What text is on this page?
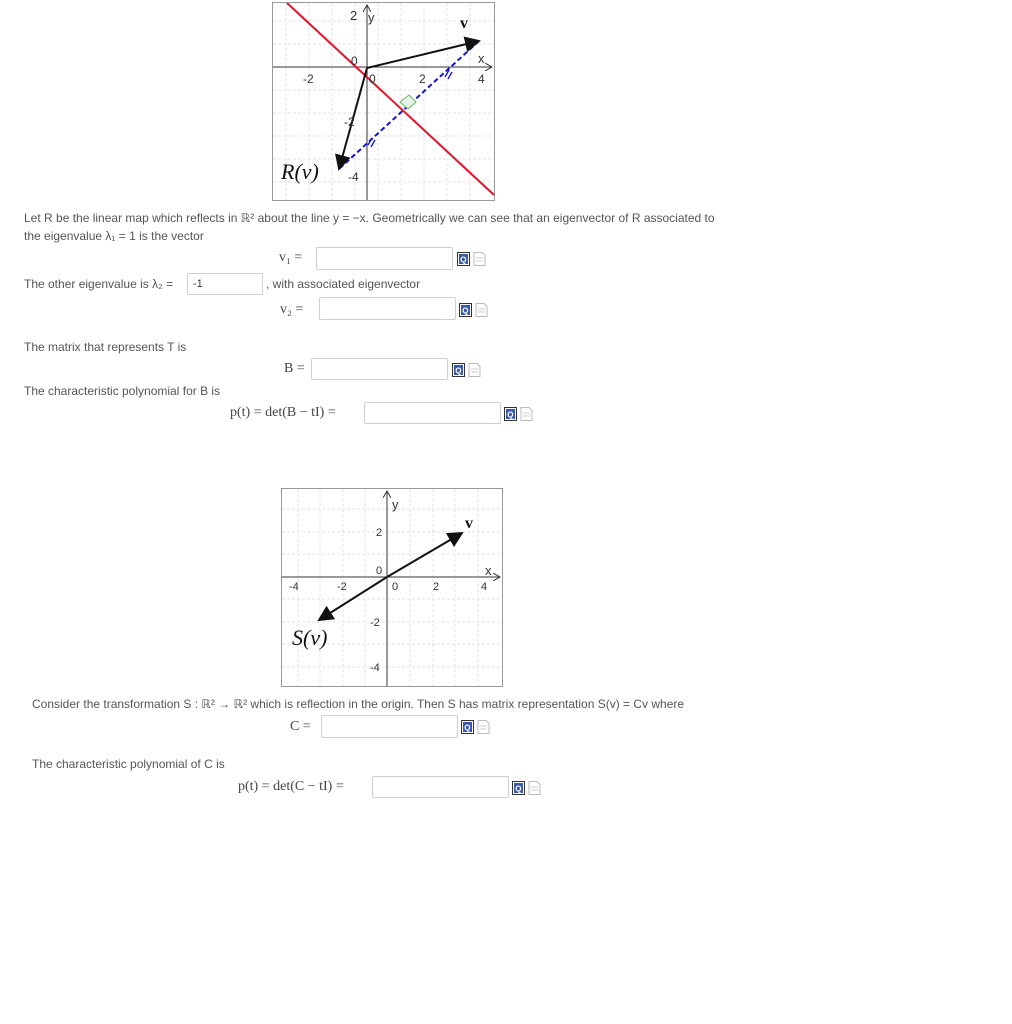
2 y
x
-2
0
0	2	4
-2
-4
v
R(v)
Let R be the linear map which reflects in ℝ² about the line y = −x. Geometrically we can see that an eigenvector of R associated to
the eigenvalue λ₁ = 1 is the vector
v₁ =	Q
The other eigenvalue is λ₂ =
-1	, with associated eigenvector
v₂ =	Q
The matrix that represents T is
B =	Q
The characteristic polynomial for B is
p(t) = det(B − tI) =	Q
y
x
2
0
-4	-2	0	2	4
-2
-4
v
S(v)
Consider the transformation S : ℝ² → ℝ² which is reflection in the origin. Then S has matrix representation S(v) = Cv where
C =	Q
The characteristic polynomial of C is
p(t) = det(C − tI) =	Q
